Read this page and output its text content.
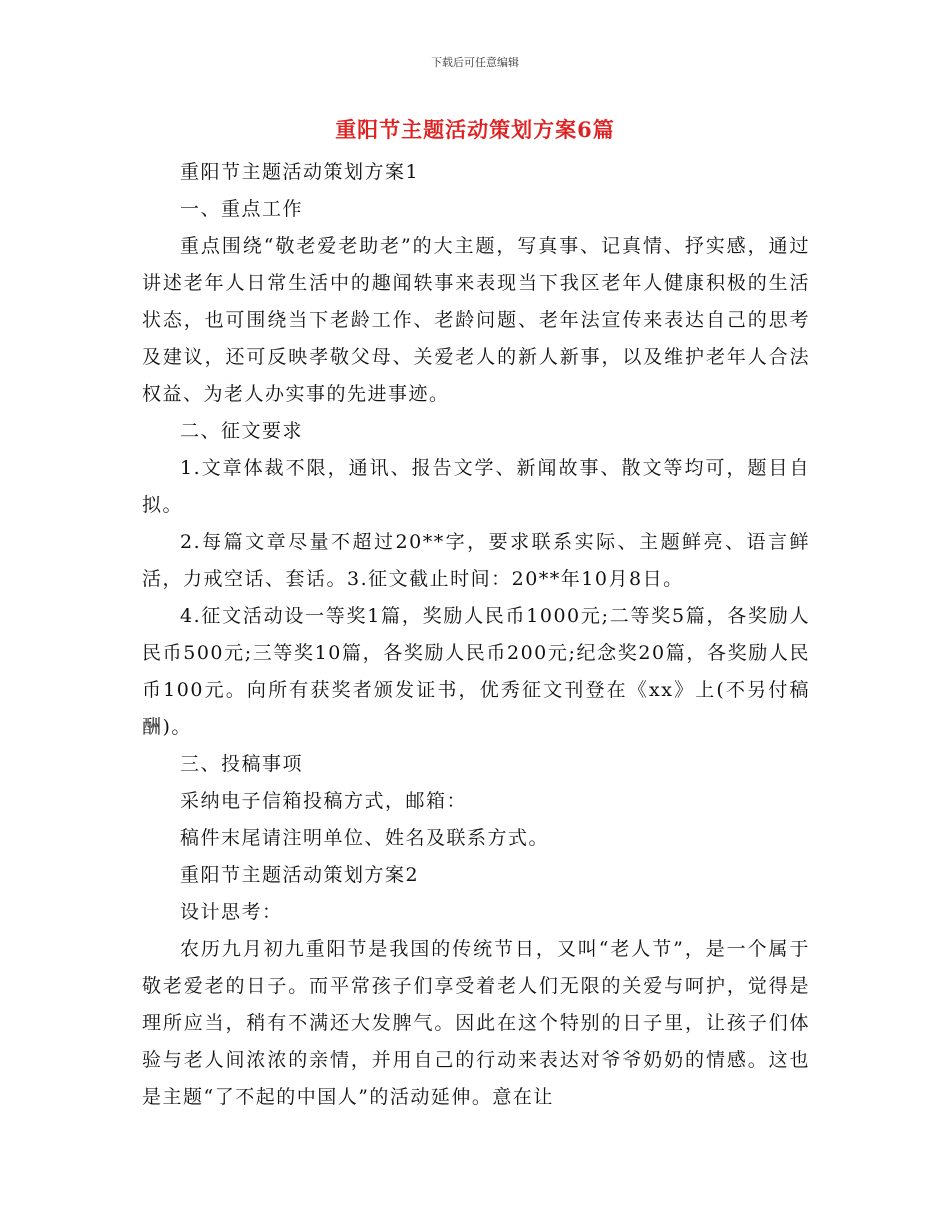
下载后可任意编辑
重阳节主题活动策划方案6篇

重阳节主题活动策划方案1

一、重点工作

重点围绕“敬老爱老助老”的大主题，写真事、记真情、抒实感，通过讲述老年人日常生活中的趣闻轶事来表现当下我区老年人健康积极的生活状态，也可围绕当下老龄工作、老龄问题、老年法宣传来表达自己的思考及建议，还可反映孝敬父母、关爱老人的新人新事，以及维护老年人合法权益、为老人办实事的先进事迹。

二、征文要求

1.文章体裁不限，通讯、报告文学、新闻故事、散文等均可，题目自拟。

2.每篇文章尽量不超过20**字，要求联系实际、主题鲜亮、语言鲜活，力戒空话、套话。3.征文截止时间：20**年10月8日。

4.征文活动设一等奖1篇，奖励人民币1000元;二等奖5篇，各奖励人民币500元;三等奖10篇，各奖励人民币200元;纪念奖20篇，各奖励人民币100元。向所有获奖者颁发证书，优秀征文刊登在《xx》上(不另付稿酬)。

三、投稿事项

采纳电子信箱投稿方式，邮箱：

稿件末尾请注明单位、姓名及联系方式。

重阳节主题活动策划方案2

设计思考：

农历九月初九重阳节是我国的传统节日，又叫“老人节”，是一个属于敬老爱老的日子。而平常孩子们享受着老人们无限的关爱与呵护，觉得是理所应当，稍有不满还大发脾气。因此在这个特别的日子里，让孩子们体验与老人间浓浓的亲情，并用自己的行动来表达对爷爷奶奶的情感。这也是主题“了不起的中国人”的活动延伸。意在让
